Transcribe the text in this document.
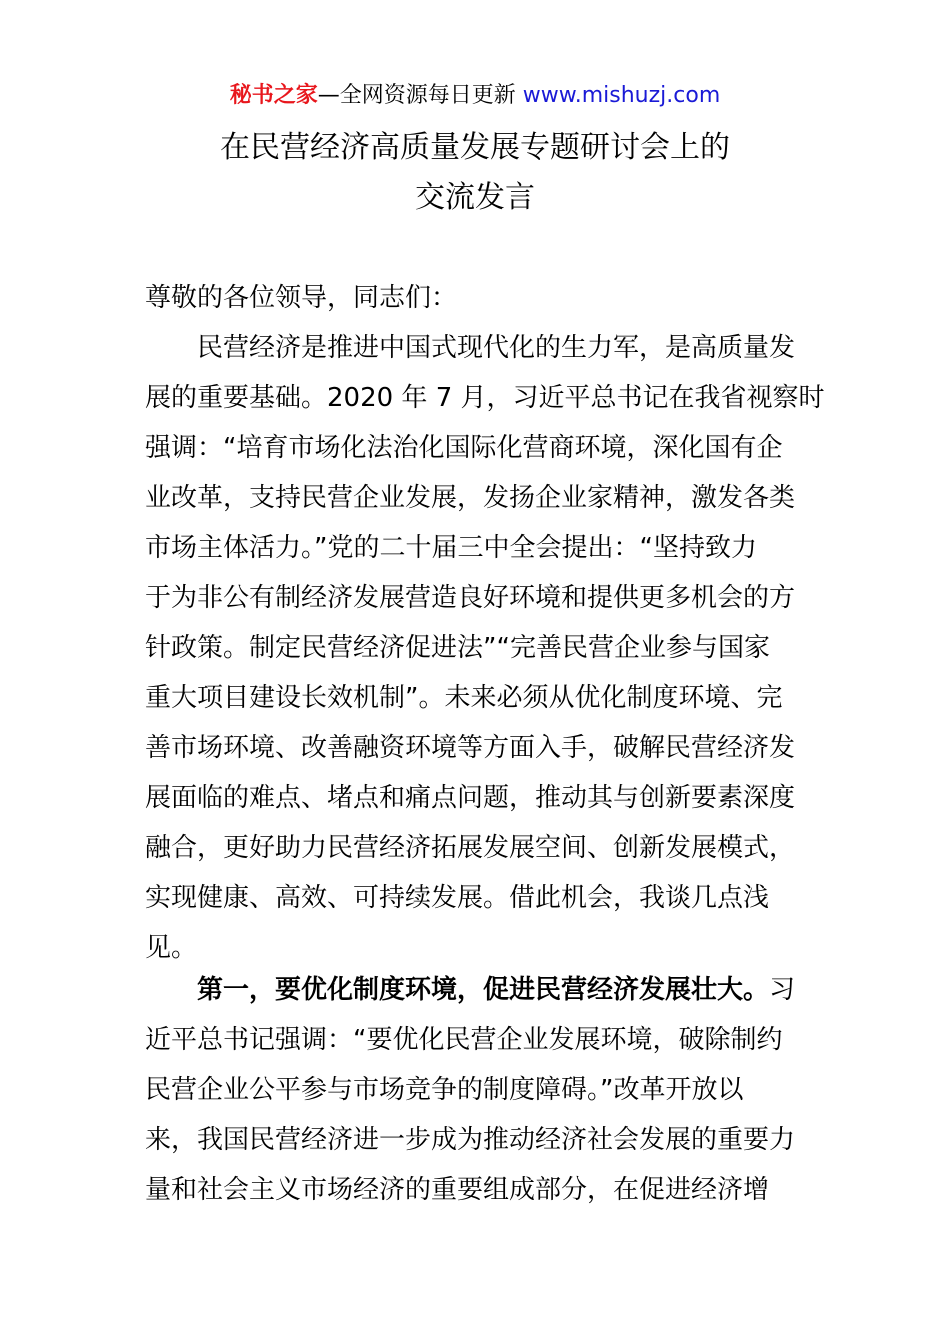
秘书之家—全网资源每日更新 www.mishuzj.com
在民营经济高质量发展专题研讨会上的
交流发言
尊敬的各位领导，同志们：
　　民营经济是推进中国式现代化的生力军，是高质量发
展的重要基础。2020 年 7 月，习近平总书记在我省视察时
强调：“培育市场化法治化国际化营商环境，深化国有企
业改革，支持民营企业发展，发扬企业家精神，激发各类
市场主体活力。”党的二十届三中全会提出：“坚持致力
于为非公有制经济发展营造良好环境和提供更多机会的方
针政策。制定民营经济促进法”“完善民营企业参与国家
重大项目建设长效机制”。未来必须从优化制度环境、完
善市场环境、改善融资环境等方面入手，破解民营经济发
展面临的难点、堵点和痛点问题，推动其与创新要素深度
融合，更好助力民营经济拓展发展空间、创新发展模式，
实现健康、高效、可持续发展。借此机会，我谈几点浅
见。
　　第一，要优化制度环境，促进民营经济发展壮大。习
近平总书记强调：“要优化民营企业发展环境，破除制约
民营企业公平参与市场竞争的制度障碍。”改革开放以
来，我国民营经济进一步成为推动经济社会发展的重要力
量和社会主义市场经济的重要组成部分，在促进经济增
